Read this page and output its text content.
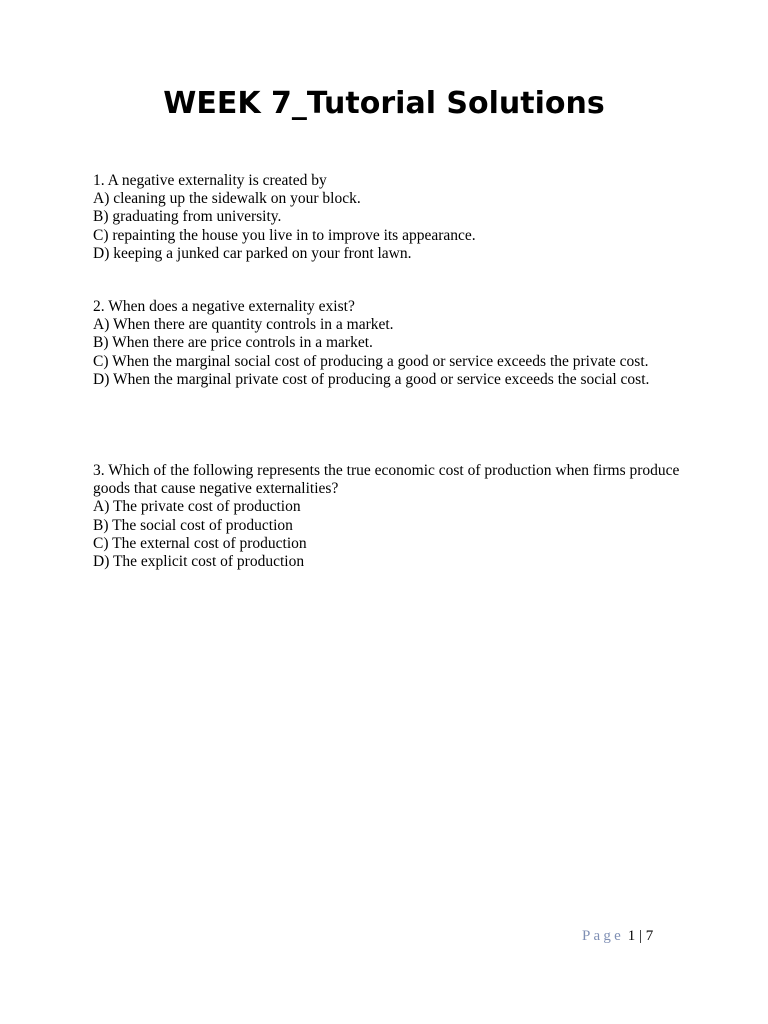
WEEK 7_Tutorial Solutions
1. A negative externality is created by
A) cleaning up the sidewalk on your block.
B) graduating from university.
C) repainting the house you live in to improve its appearance.
D) keeping a junked car parked on your front lawn.
2. When does a negative externality exist?
A) When there are quantity controls in a market.
B) When there are price controls in a market.
C) When the marginal social cost of producing a good or service exceeds the private cost.
D) When the marginal private cost of producing a good or service exceeds the social cost.
3. Which of the following represents the true economic cost of production when firms produce goods that cause negative externalities?
A) The private cost of production
B) The social cost of production
C) The external cost of production
D) The explicit cost of production
Page 1 | 7
